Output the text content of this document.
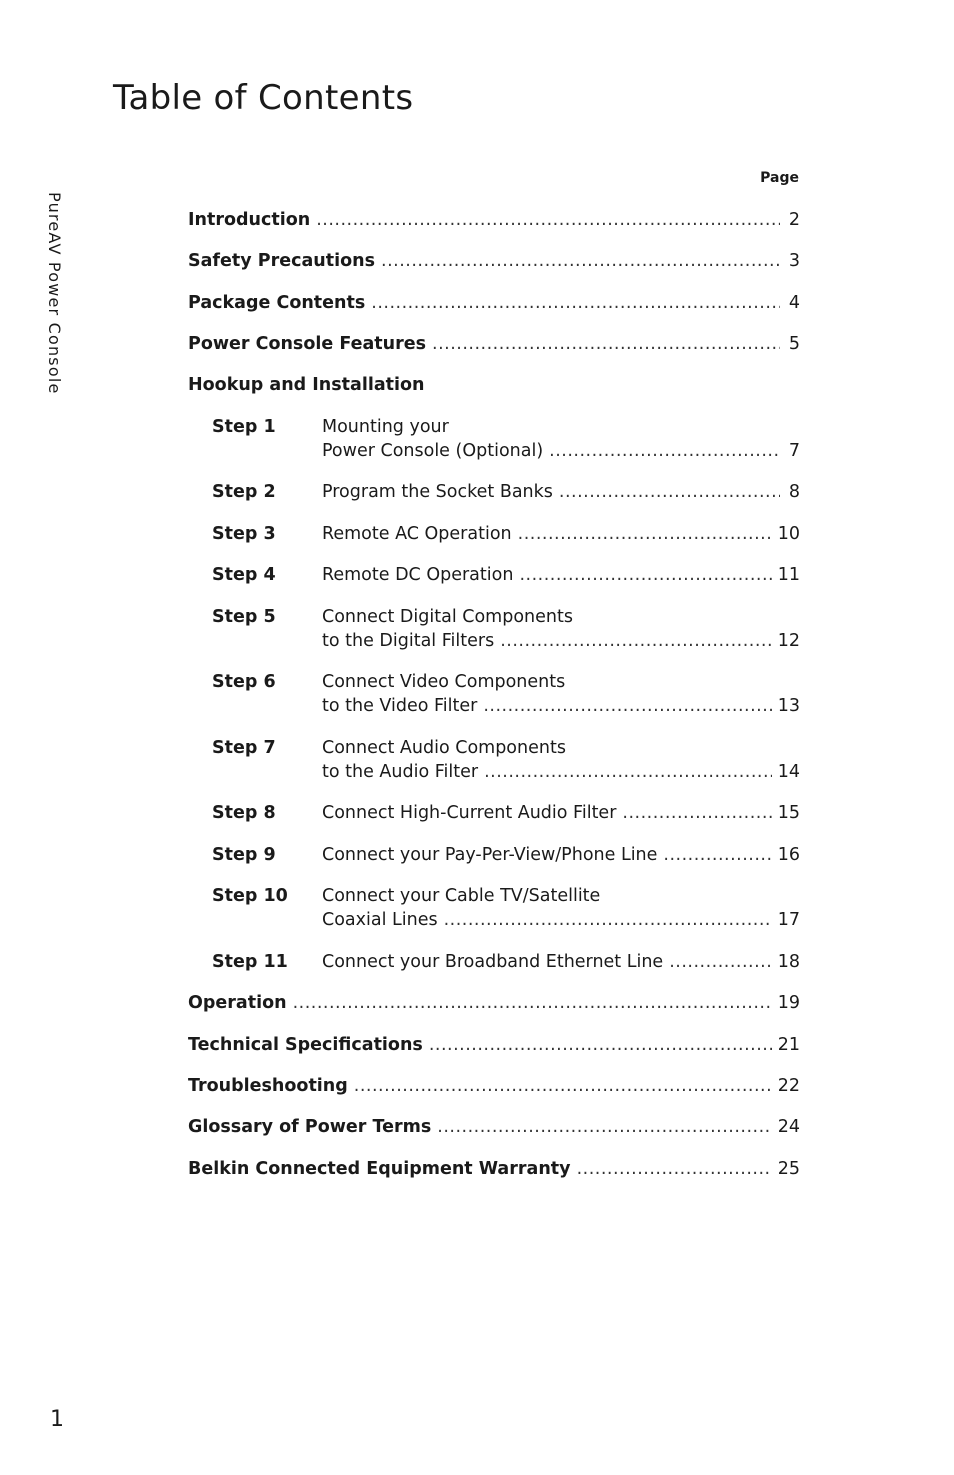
Table of Contents
PureAV Power Console
Page
Introduction .....	2
Safety Precautions .....	3
Package Contents .....	4
Power Console Features .....	5
Hookup and Installation
Step 1	Mounting your
Power Console (Optional) .....	7
Step 2	Program the Socket Banks .....	8
Step 3	Remote AC Operation .....	10
Step 4	Remote DC Operation .....	11
Step 5	Connect Digital Components
to the Digital Filters .....	12
Step 6	Connect Video Components
to the Video Filter .....	13
Step 7	Connect Audio Components
to the Audio Filter .....	14
Step 8	Connect High-Current Audio Filter .....	15
Step 9	Connect your Pay-Per-View/Phone Line .....	16
Step 10 Connect your Cable TV/Satellite
Coaxial Lines .....	17
Step 11 Connect your Broadband Ethernet Line .....	18
Operation .....	19
Technical Specifications .....	21
Troubleshooting .....	22
Glossary of Power Terms .....	24
Belkin Connected Equipment Warranty .....	25
1
